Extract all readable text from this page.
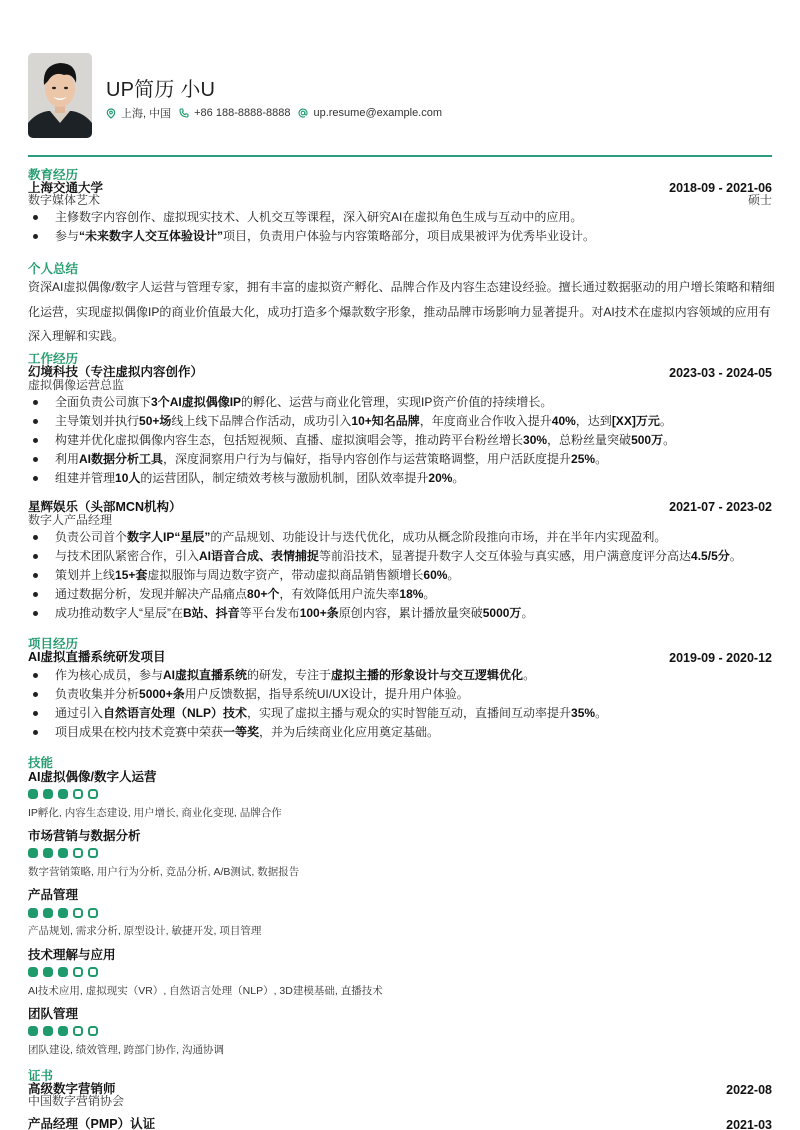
UP简历 小U
上海, 中国 +86 188-8888-8888 up.resume@example.com
教育经历
上海交通大学	2018-09 - 2021-06
数字媒体艺术	硕士
主修数字内容创作、虚拟现实技术、人机交互等课程，深入研究AI在虚拟角色生成与互动中的应用。
参与“未来数字人交互体验设计”项目，负责用户体验与内容策略部分，项目成果被评为优秀毕业设计。
个人总结
资深AI虚拟偶像/数字人运营与管理专家，拥有丰富的虚拟资产孵化、品牌合作及内容生态建设经验。擅长通过数据驱动的用户增长策略和精细化运营，实现虚拟偶像IP的商业价值最大化，成功打造多个爆款数字形象，推动品牌市场影响力显著提升。对AI技术在虚拟内容领域的应用有深入理解和实践。
工作经历
幻境科技（专注虚拟内容创作）	2023-03 - 2024-05
虚拟偶像运营总监
全面负责公司旗下3个AI虚拟偶像IP的孵化、运营与商业化管理，实现IP资产价值的持续增长。
主导策划并执行50+场线上线下品牌合作活动，成功引入10+知名品牌，年度商业合作收入提升40%，达到[XX]万元。
构建并优化虚拟偶像内容生态，包括短视频、直播、虚拟演唱会等，推动跨平台粉丝增长30%，总粉丝量突破500万。
利用AI数据分析工具，深度洞察用户行为与偏好，指导内容创作与运营策略调整，用户活跃度提升25%。
组建并管理10人的运营团队，制定绩效考核与激励机制，团队效率提升20%。
星辉娱乐（头部MCN机构）	2021-07 - 2023-02
数字人产品经理
负责公司首个数字人IP“星辰”的产品规划、功能设计与迭代优化，成功从概念阶段推向市场，并在半年内实现盈利。
与技术团队紧密合作，引入AI语音合成、表情捕捉等前沿技术，显著提升数字人交互体验与真实感，用户满意度评分高达4.5/5分。
策划并上线15+套虚拟服饰与周边数字资产，带动虚拟商品销售额增长60%。
通过数据分析，发现并解决产品痛点80+个，有效降低用户流失率18%。
成功推动数字人“星辰”在B站、抖音等平台发布100+条原创内容，累计播放量突破5000万。
项目经历
AI虚拟直播系统研发项目	2019-09 - 2020-12
作为核心成员，参与AI虚拟直播系统的研发，专注于虚拟主播的形象设计与交互逻辑优化。
负责收集并分析5000+条用户反馈数据，指导系统UI/UX设计，提升用户体验。
通过引入自然语言处理（NLP）技术，实现了虚拟主播与观众的实时智能互动，直播间互动率提升35%。
项目成果在校内技术竞赛中荣获一等奖，并为后续商业化应用奠定基础。
技能
AI虚拟偶像/数字人运营
IP孵化, 内容生态建设, 用户增长, 商业化变现, 品牌合作
市场营销与数据分析
数字营销策略, 用户行为分析, 竞品分析, A/B测试, 数据报告
产品管理
产品规划, 需求分析, 原型设计, 敏捷开发, 项目管理
技术理解与应用
AI技术应用, 虚拟现实（VR）, 自然语言处理（NLP）, 3D建模基础, 直播技术
团队管理
团队建设, 绩效管理, 跨部门协作, 沟通协调
证书
高级数字营销师	2022-08
中国数字营销协会
产品经理（PMP）认证	2021-03
